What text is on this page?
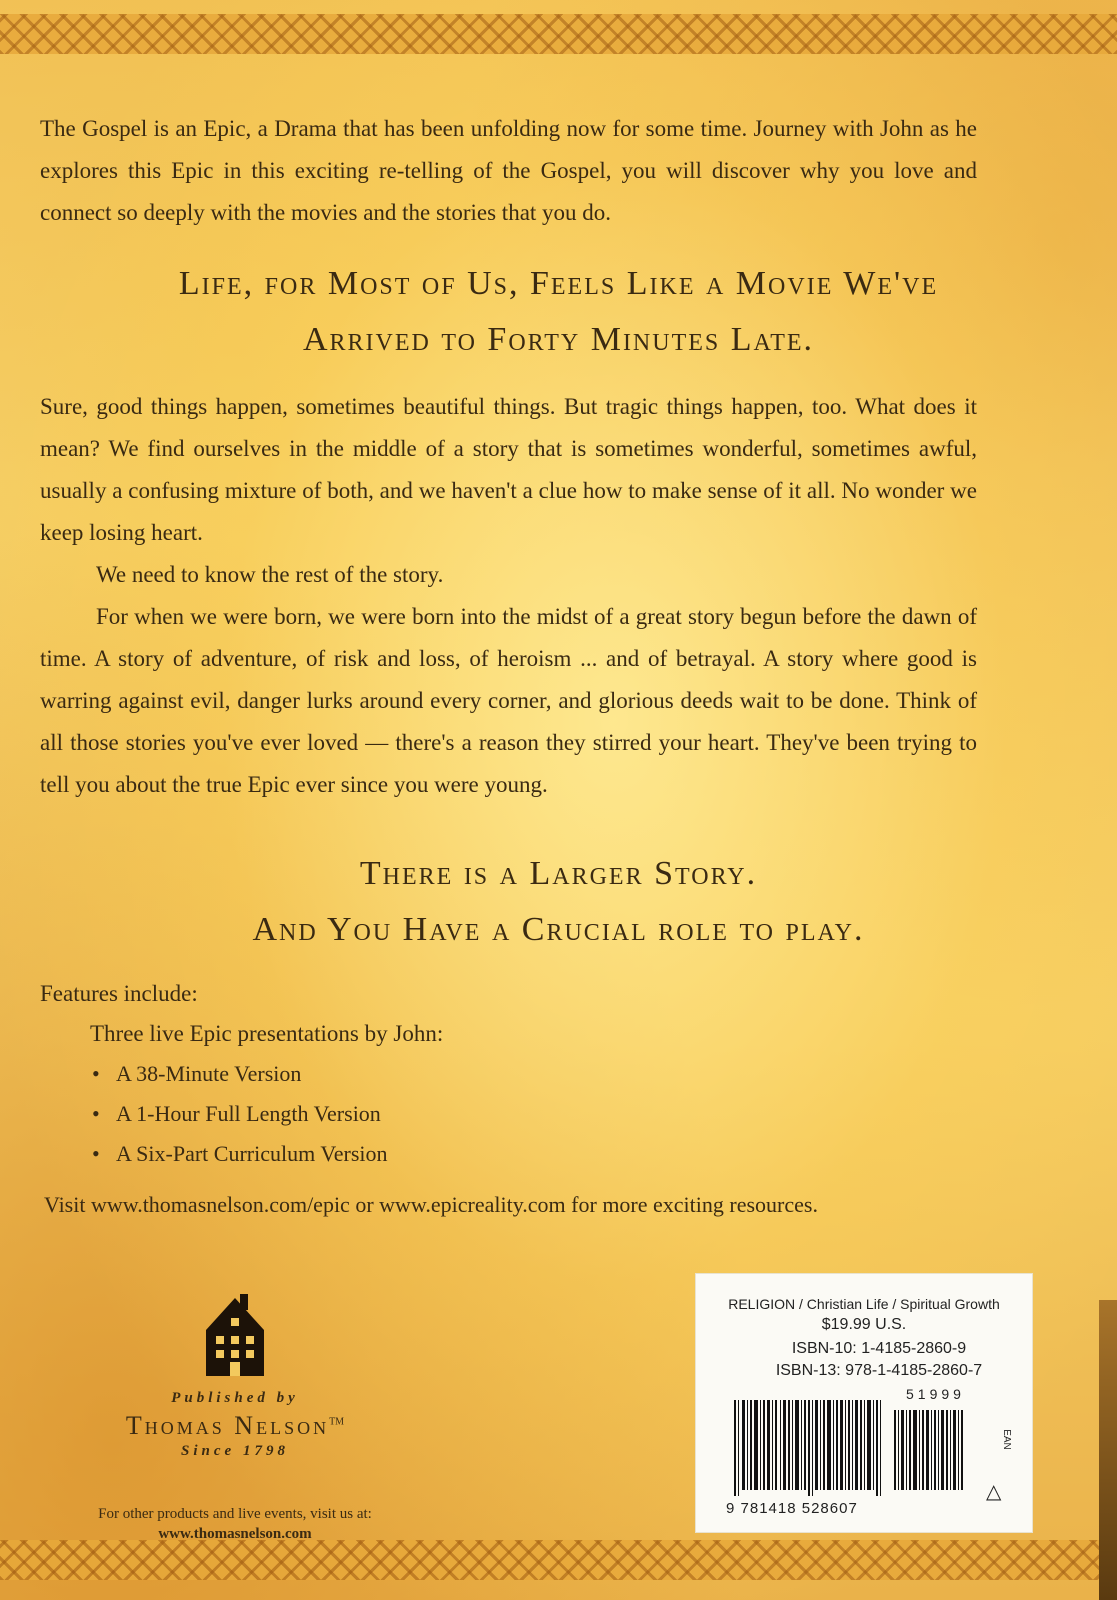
The Gospel is an Epic, a Drama that has been unfolding now for some time. Journey with John as he explores this Epic in this exciting re-telling of the Gospel, you will discover why you love and connect so deeply with the movies and the stories that you do.

Life, for Most of Us, Feels Like a Movie We've
Arrived to Forty Minutes Late.

Sure, good things happen, sometimes beautiful things. But tragic things happen, too. What does it mean? We find ourselves in the middle of a story that is sometimes wonderful, sometimes awful, usually a confusing mixture of both, and we haven't a clue how to make sense of it all. No wonder we keep losing heart.

We need to know the rest of the story.

For when we were born, we were born into the midst of a great story begun before the dawn of time. A story of adventure, of risk and loss, of heroism ... and of betrayal. A story where good is warring against evil, danger lurks around every corner, and glorious deeds wait to be done. Think of all those stories you've ever loved — there's a reason they stirred your heart. They've been trying to tell you about the true Epic ever since you were young.

There is a Larger Story.
And You Have a Crucial role to play.

Features include:

Three live Epic presentations by John:

• A 38-Minute Version

• A 1-Hour Full Length Version

• A Six-Part Curriculum Version

Visit www.thomasnelson.com/epic or www.epicreality.com for more exciting resources.
Published by
Thomas Nelson™
Since 1798
For other products and live events, visit us at:
www.thomasnelson.com
RELIGION / Christian Life / Spiritual Growth
$19.99 U.S.
ISBN-10: 1-4185-2860-9
ISBN-13: 978-1-4185-2860-7
51999
9 781418 528607
EAN
△
